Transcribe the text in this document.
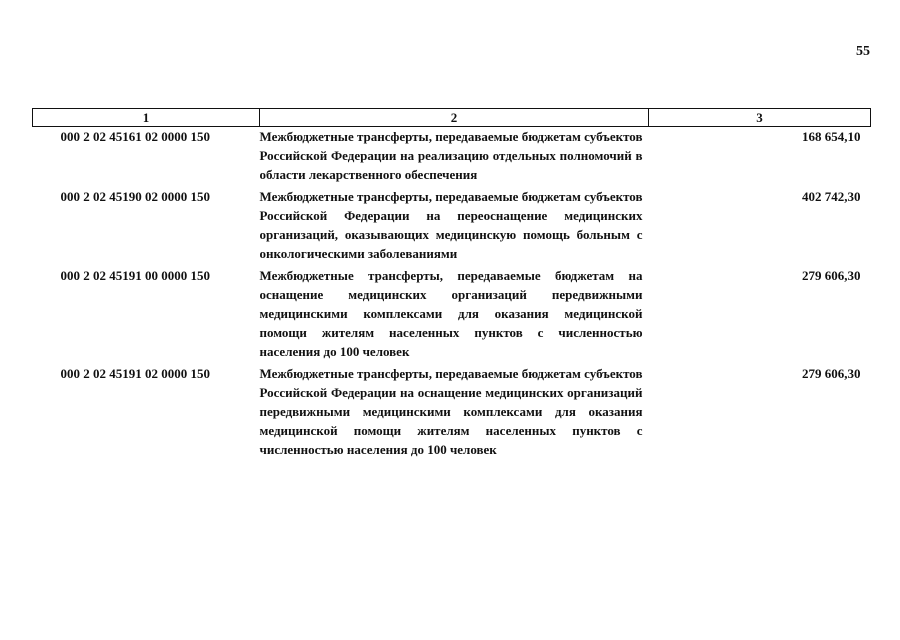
55
1	2	3
000 2 02 45161 02 0000 150	Межбюджетные трансферты, передаваемые бюджетам субъектов Российской Федерации на реализацию отдельных полномочий в области лекарственного обеспечения	168 654,10
000 2 02 45190 02 0000 150	Межбюджетные трансферты, передаваемые бюджетам субъектов Российской Федерации на переоснащение медицинских организаций, оказывающих медицинскую помощь больным с онкологическими заболеваниями	402 742,30
000 2 02 45191 00 0000 150	Межбюджетные трансферты, передаваемые бюджетам на оснащение медицинских организаций передвижными медицинскими комплексами для оказания медицинской помощи жителям населенных пунктов с численностью населения до 100 человек	279 606,30
000 2 02 45191 02 0000 150	Межбюджетные трансферты, передаваемые бюджетам субъектов Российской Федерации на оснащение медицинских организаций передвижными медицинскими комплексами для оказания медицинской помощи жителям населенных пунктов с численностью населения до 100 человек	279 606,30
